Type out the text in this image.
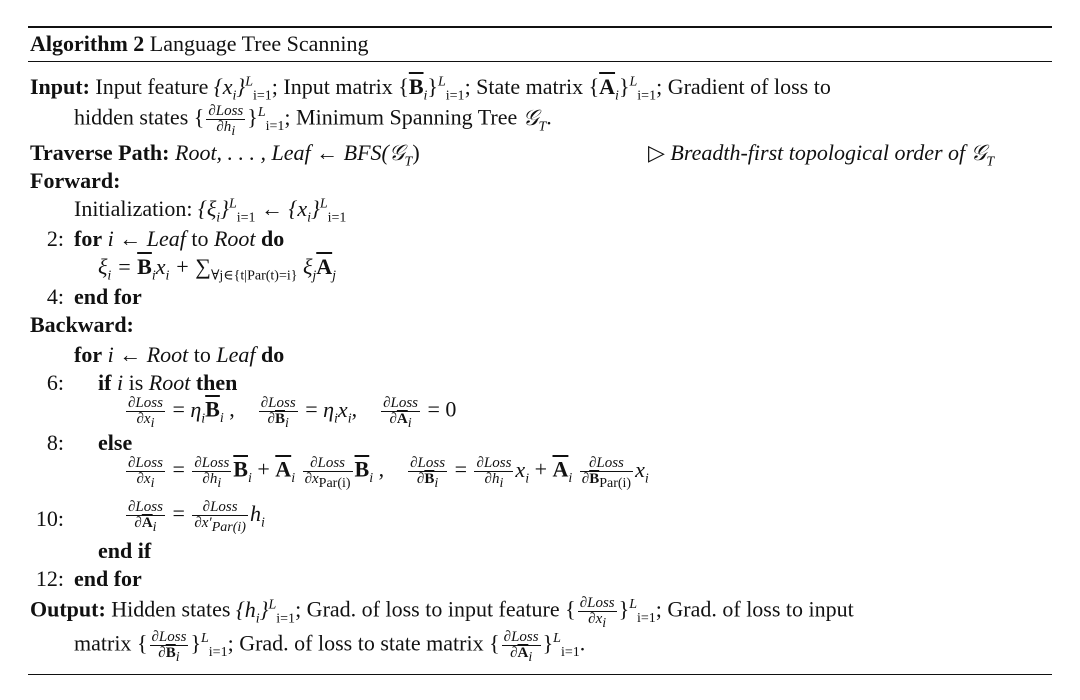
Algorithm 2 Language Tree Scanning
Input: Input feature $\{x_i\}^L_{i=1}$; Input matrix $\{\overline{B}_i\}^L_{i=1}$; State matrix $\{\overline{A}_i\}^L_{i=1}$; Gradient of loss to
hidden states { $\frac{\text{∂Loss}}{\partial h_i} \}^L_{i=1}$; Minimum Spanning Tree 𝒢$_T$.
Traverse Path: Root, . . . , Leaf ← BFS(𝒢$_T$)	▷ Breadth-first topological order of 𝒢$_T$
Forward:
Initialization: $\{\xi_i\}^L_{i=1}$ ← $\{x_i\}^L_{i=1}$
2: for i ← Leaf to Root do
$\xi_i = \overline{B}_ix_i + \sum_{\forall j\in\{t|Par(t)=i\}}$ $\xi_j\overline{A}_j$
4: end for
Backward:
for i ← Root to Leaf do
6: if i is Root then
$\frac{\text{∂Loss}}{\partial x_i} = \eta_i\overline{B}_i$ , $\frac{\text{∂Loss}}{\partial\overline{B}_i} = \eta_ix_i$, $\frac{\text{∂Loss}}{\partial\overline{A}_i} = 0$
8: else
$\frac{\text{∂Loss}}{\partial x_i} = \frac{\text{∂Loss}}{\partial h_i} \overline{B}_i + \overline{A}_i \frac{\text{∂Loss}}{\partial x_{Par(i)}} \overline{B}_i$ , $\frac{\text{∂Loss}}{\partial\overline{B}_i} = \frac{\text{∂Loss}}{\partial h_i} x_i + \overline{A}_i \frac{\text{∂Loss}}{\partial\overline{B}_{Par(i)}} x_i$
10:	$\frac{\text{∂Loss}}{\partial\overline{A}_i} = \frac{\text{∂Loss}}{\partial x'_{Par(i)}} h_i$
end if
12: end for
Output: Hidden states $\{h_i\}^L_{i=1}$; Grad. of loss to input feature { $\frac{\text{∂Loss}}{\partial x_i} \}^L_{i=1}$; Grad. of loss to input
matrix { $\frac{\text{∂Loss}}{\partial\overline{B}_i} \}^L_{i=1}$; Grad. of loss to state matrix { $\frac{\text{∂Loss}}{\partial\overline{A}_i} \}^L_{i=1}$.
